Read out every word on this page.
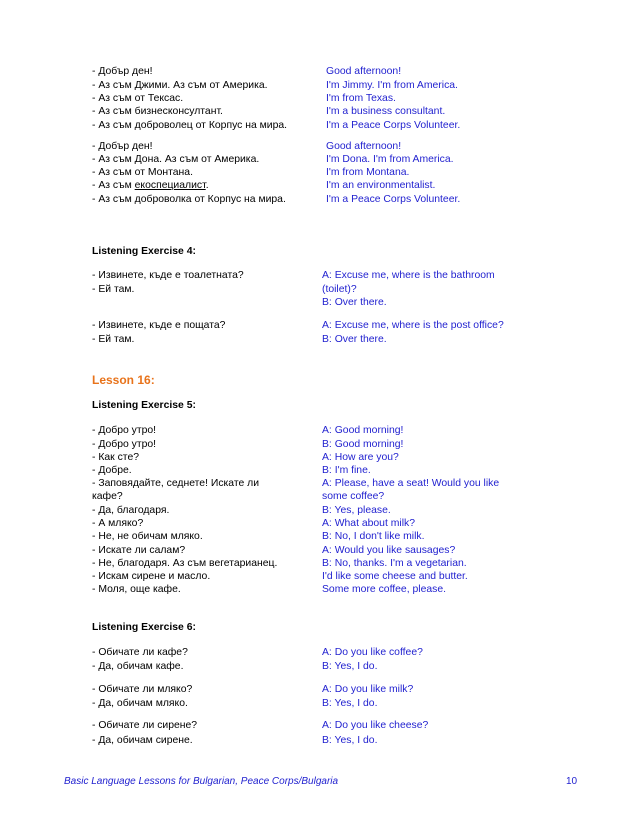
- Добър ден!
- Аз съм Джими. Аз съм от Америка.
- Аз съм от Тексас.
- Аз съм бизнесконсултант.
- Аз съм доброволец от Корпус на мира.
Good afternoon!
I'm Jimmy. I'm from America.
I'm from Texas.
I'm a business consultant.
I'm a Peace Corps Volunteer.
- Добър ден!
- Аз съм Дона. Аз съм от Америка.
- Аз съм от Монтана.
- Аз съм екоспециалист.
- Аз съм доброволка от Корпус на мира.
Good afternoon!
I'm Dona. I'm from America.
I'm from Montana.
I'm an environmentalist.
I'm a Peace Corps Volunteer.
Listening Exercise 4:
- Извинете, къде е тоалетната?
- Ей там.
- Извинете, къде е пощата?
- Ей там.
A: Excuse me, where is the bathroom
(toilet)?
B: Over there.
A: Excuse me, where is the post office?
B: Over there.
Lesson 16:
Listening Exercise 5:
- Добро утро!
- Добро утро!
- Как сте?
- Добре.
- Заповядайте, седнете! Искате ли
кафе?
- Да, благодаря.
- А мляко?
- Не, не обичам мляко.
- Искате ли салам?
- Не, благодаря. Аз съм вегетарианец.
- Искам сирене и масло.
- Моля, още кафе.
A: Good morning!
B: Good morning!
A: How are you?
B: I'm fine.
A: Please, have a seat! Would you like
some coffee?
B: Yes, please.
A: What about milk?
B: No, I don't like milk.
A: Would you like sausages?
B: No, thanks. I'm a vegetarian.
I'd like some cheese and butter.
Some more coffee, please.
Listening Exercise 6:
- Обичате ли кафе?
- Да, обичам кафе.
- Обичате ли мляко?
- Да, обичам мляко.
- Обичате ли сирене?
- Да, обичам сирене.
A: Do you like coffee?
B: Yes, I do.
A: Do you like milk?
B: Yes, I do.
A: Do you like cheese?
B: Yes, I do.
Basic Language Lessons for Bulgarian, Peace Corps/Bulgaria	10
